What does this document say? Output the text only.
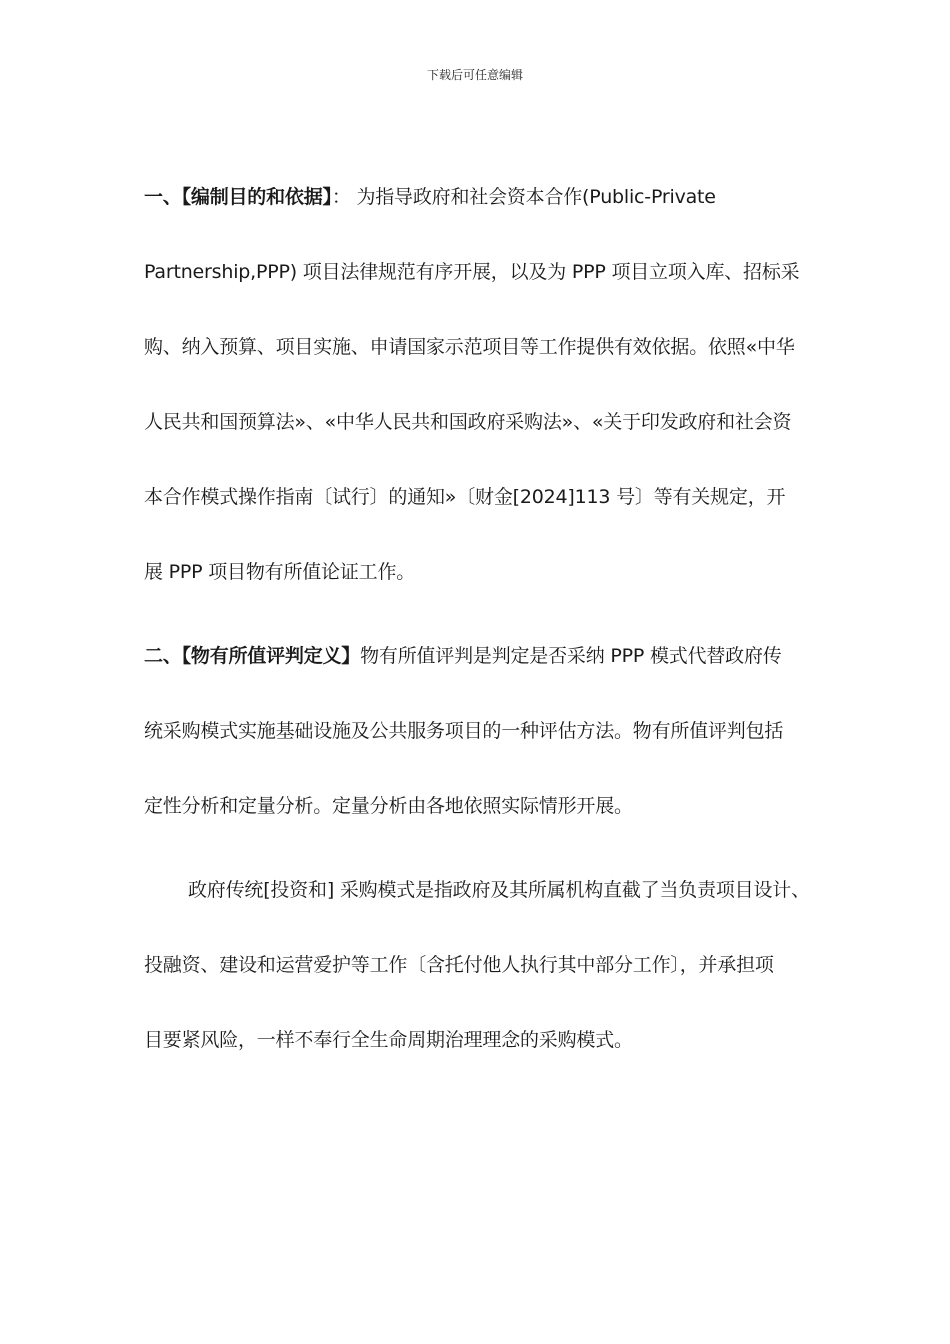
下载后可任意编辑
一、【编制目的和依据】： 为指导政府和社会资本合作(Public-Private
Partnership,PPP) 项目法律规范有序开展，以及为 PPP 项目立项入库、招标采
购、纳入预算、项目实施、申请国家示范项目等工作提供有效依据。依照«中华
人民共和国预算法»、«中华人民共和国政府采购法»、«关于印发政府和社会资
本合作模式操作指南〔试行〕的通知»〔财金[2024]113 号〕等有关规定，开
展 PPP 项目物有所值论证工作。
二、【物有所值评判定义】物有所值评判是判定是否采纳 PPP 模式代替政府传
统采购模式实施基础设施及公共服务项目的一种评估方法。物有所值评判包括
定性分析和定量分析。定量分析由各地依照实际情形开展。
政府传统[投资和] 采购模式是指政府及其所属机构直截了当负责项目设计、
投融资、建设和运营爱护等工作〔含托付他人执行其中部分工作〕，并承担项
目要紧风险，一样不奉行全生命周期治理理念的采购模式。
